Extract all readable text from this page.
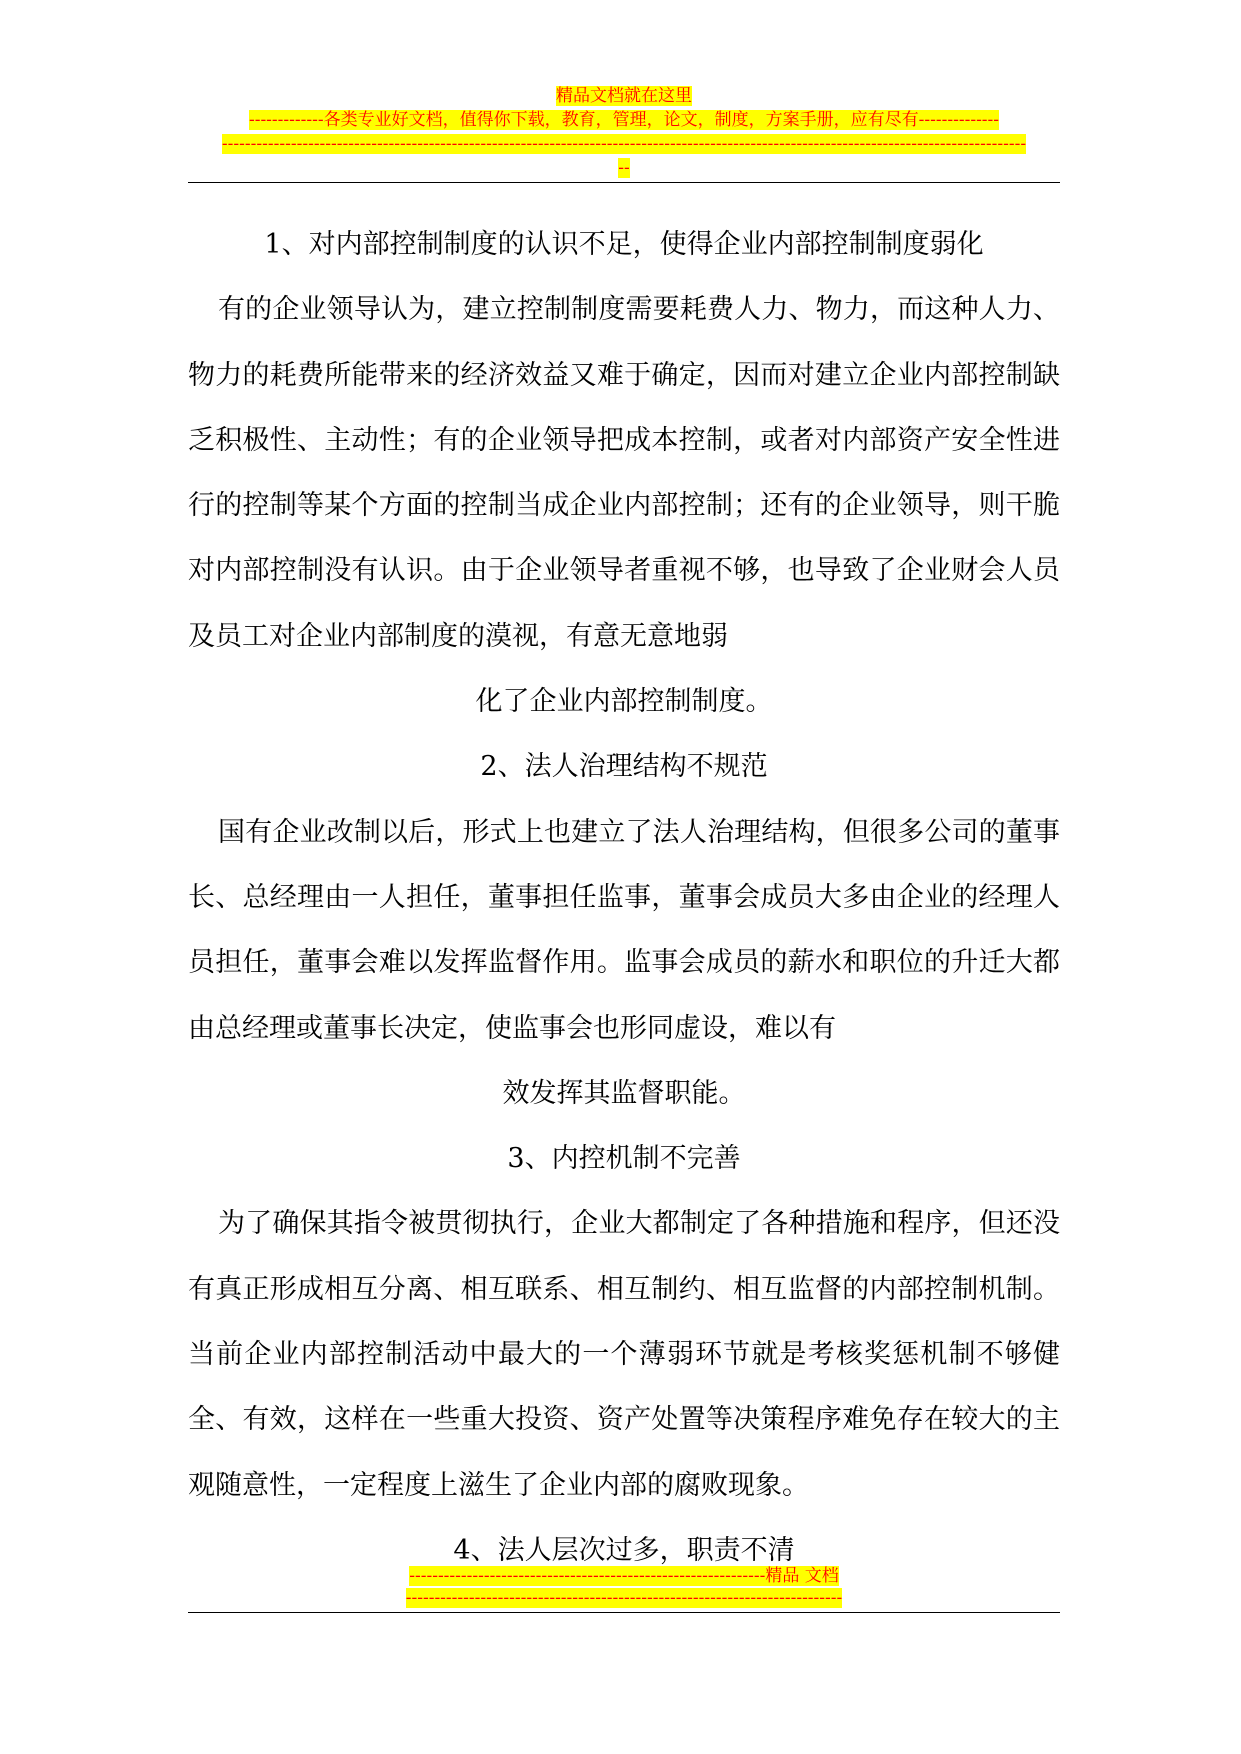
精品文档就在这里
-------------各类专业好文档，值得你下载，教育，管理，论文，制度，方案手册，应有尽有--------------
--------------------------------------------------------------------------------------------------------------------------------------------
--

1、对内部控制制度的认识不足，使得企业内部控制制度弱化

有的企业领导认为，建立控制制度需要耗费人力、物力，而这种人力、物力的耗费所能带来的经济效益又难于确定，因而对建立企业内部控制缺乏积极性、主动性；有的企业领导把成本控制，或者对内部资产安全性进行的控制等某个方面的控制当成企业内部控制；还有的企业领导，则干脆对内部控制没有认识。由于企业领导者重视不够，也导致了企业财会人员及员工对企业内部制度的漠视，有意无意地弱
化了企业内部控制制度。

2、法人治理结构不规范

国有企业改制以后，形式上也建立了法人治理结构，但很多公司的董事长、总经理由一人担任，董事担任监事，董事会成员大多由企业的经理人员担任，董事会难以发挥监督作用。监事会成员的薪水和职位的升迁大都由总经理或董事长决定，使监事会也形同虚设，难以有
效发挥其监督职能。

3、内控机制不完善

为了确保其指令被贯彻执行，企业大都制定了各种措施和程序，但还没有真正形成相互分离、相互联系、相互制约、相互监督的内部控制机制。当前企业内部控制活动中最大的一个薄弱环节就是考核奖惩机制不够健全、有效，这样在一些重大投资、资产处置等决策程序难免存在较大的主观随意性，一定程度上滋生了企业内部的腐败现象。

4、法人层次过多，职责不清

--------------------------------------------------------------精品 文档
----------------------------------------------------------------------------
